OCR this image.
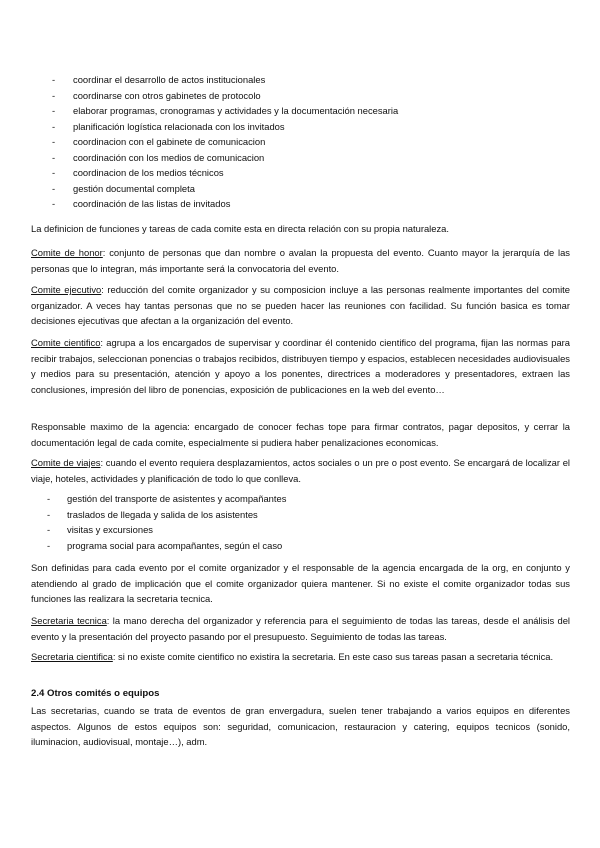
- coordinar el desarrollo de actos institucionales
- coordinarse con otros gabinetes de protocolo
- elaborar programas, cronogramas y actividades y la documentación necesaria
- planificación logística relacionada con los invitados
- coordinacion con el gabinete de comunicacion
- coordinación con los medios de comunicacion
- coordinacion de los medios técnicos
- gestión documental completa
- coordinación de las listas de invitados

La definicion de funciones y tareas de cada comite esta en directa relación con su propia naturaleza.

Comite de honor: conjunto de personas que dan nombre o avalan la propuesta del evento. Cuanto mayor la jerarquía de las personas que lo integran, más importante será la convocatoria del evento.

Comite ejecutivo: reducción del comite organizador y su composicion incluye a las personas realmente importantes del comite organizador. A veces hay tantas personas que no se pueden hacer las reuniones con facilidad. Su función basica es tomar decisiones ejecutivas que afectan a la organización del evento.

Comite cientifico: agrupa a los encargados de supervisar y coordinar él contenido cientifico del programa, fijan las normas para recibir trabajos, seleccionan ponencias o trabajos recibidos, distribuyen tiempo y espacios, establecen necesidades audiovisuales y medios para su presentación, atención y apoyo a los ponentes, directrices a moderadores y presentadores, extraen las conclusiones, impresión del libro de ponencias, exposición de publicaciones en la web del evento…

Responsable maximo de la agencia: encargado de conocer fechas tope para firmar contratos, pagar depositos, y cerrar la documentación legal de cada comite, especialmente si pudiera haber penalizaciones economicas.

Comite de viajes: cuando el evento requiera desplazamientos, actos sociales o un pre o post evento. Se encargará de localizar el viaje, hoteles, actividades y planificación de todo lo que conlleva.

- gestión del transporte de asistentes y acompañantes
- traslados de llegada y salida de los asistentes
- visitas y excursiones
- programa social para acompañantes, según el caso

Son definidas para cada evento por el comite organizador y el responsable de la agencia encargada de la org, en conjunto y atendiendo al grado de implicación que el comite organizador quiera mantener. Si no existe el comite organizador todas sus funciones las realizara la secretaria tecnica.

Secretaria tecnica: la mano derecha del organizador y referencia para el seguimiento de todas las tareas, desde el análisis del evento y la presentación del proyecto pasando por el presupuesto. Seguimiento de todas las tareas.

Secretaria cientifica: si no existe comite cientifico no existira la secretaria. En este caso sus tareas pasan a secretaria técnica.

2.4 Otros comités o equipos

Las secretarias, cuando se trata de eventos de gran envergadura, suelen tener trabajando a varios equipos en diferentes aspectos. Algunos de estos equipos son: seguridad, comunicacion, restauracion y catering, equipos tecnicos (sonido, iluminacion, audiovisual, montaje…), adm.
